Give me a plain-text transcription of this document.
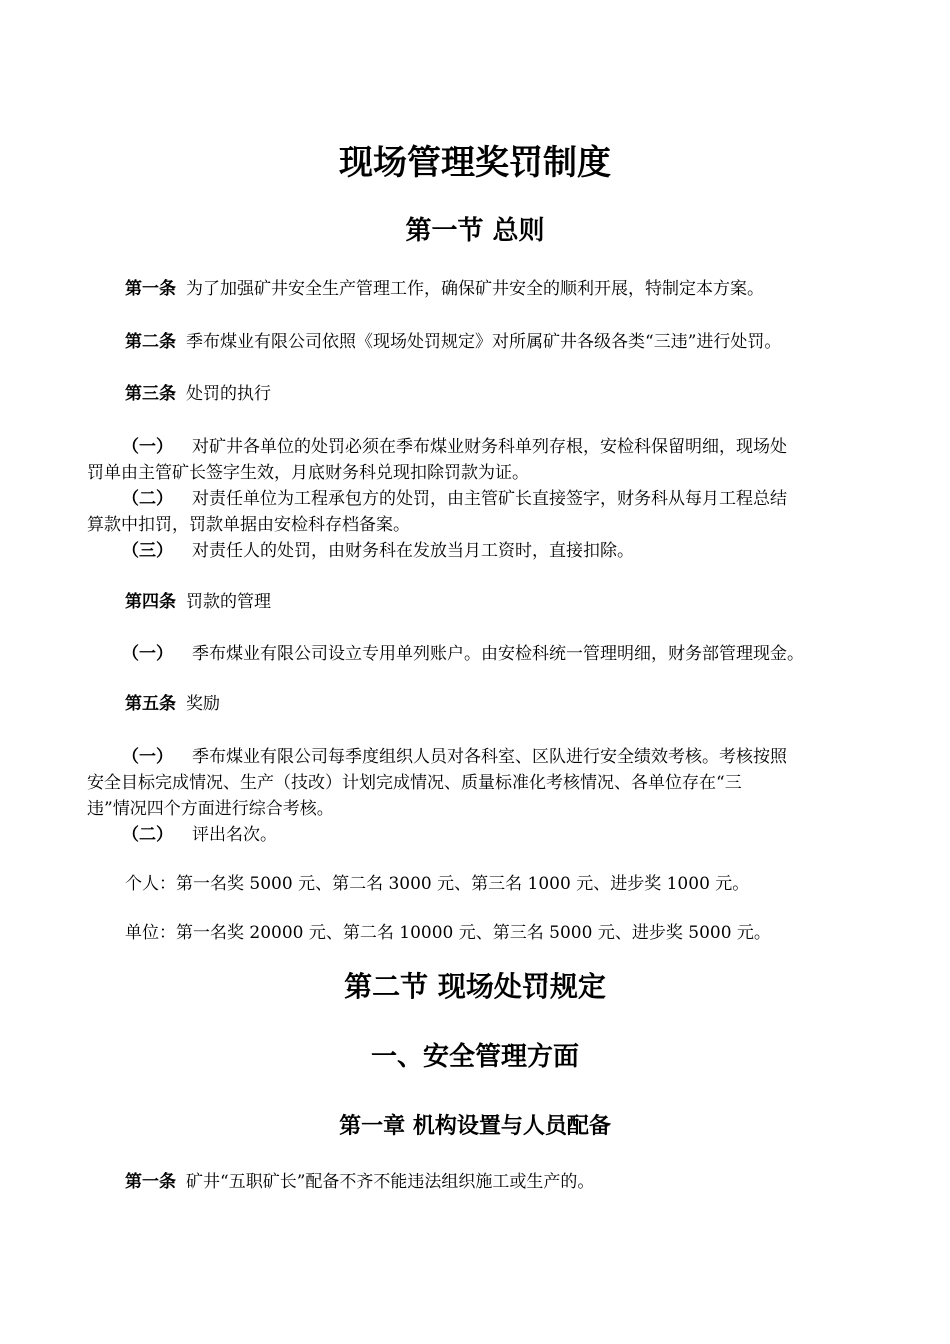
现场管理奖罚制度
第一节 总则
第一条 为了加强矿井安全生产管理工作，确保矿井安全的顺利开展，特制定本方案。
第二条 季布煤业有限公司依照《现场处罚规定》对所属矿井各级各类“三违”进行处罚。
第三条 处罚的执行
（一） 对矿井各单位的处罚必须在季布煤业财务科单列存根，安检科保留明细，现场处
罚单由主管矿长签字生效，月底财务科兑现扣除罚款为证。
（二） 对责任单位为工程承包方的处罚，由主管矿长直接签字，财务科从每月工程总结
算款中扣罚，罚款单据由安检科存档备案。
（三） 对责任人的处罚，由财务科在发放当月工资时，直接扣除。
第四条 罚款的管理
（一） 季布煤业有限公司设立专用单列账户。由安检科统一管理明细，财务部管理现金。
第五条 奖励
（一） 季布煤业有限公司每季度组织人员对各科室、区队进行安全绩效考核。考核按照
安全目标完成情况、生产（技改）计划完成情况、质量标准化考核情况、各单位存在“三
违”情况四个方面进行综合考核。
（二） 评出名次。
个人：第一名奖 5000 元、第二名 3000 元、第三名 1000 元、进步奖 1000 元。
单位：第一名奖 20000 元、第二名 10000 元、第三名 5000 元、进步奖 5000 元。
第二节 现场处罚规定
一、安全管理方面
第一章 机构设置与人员配备
第一条 矿井“五职矿长”配备不齐不能违法组织施工或生产的。
